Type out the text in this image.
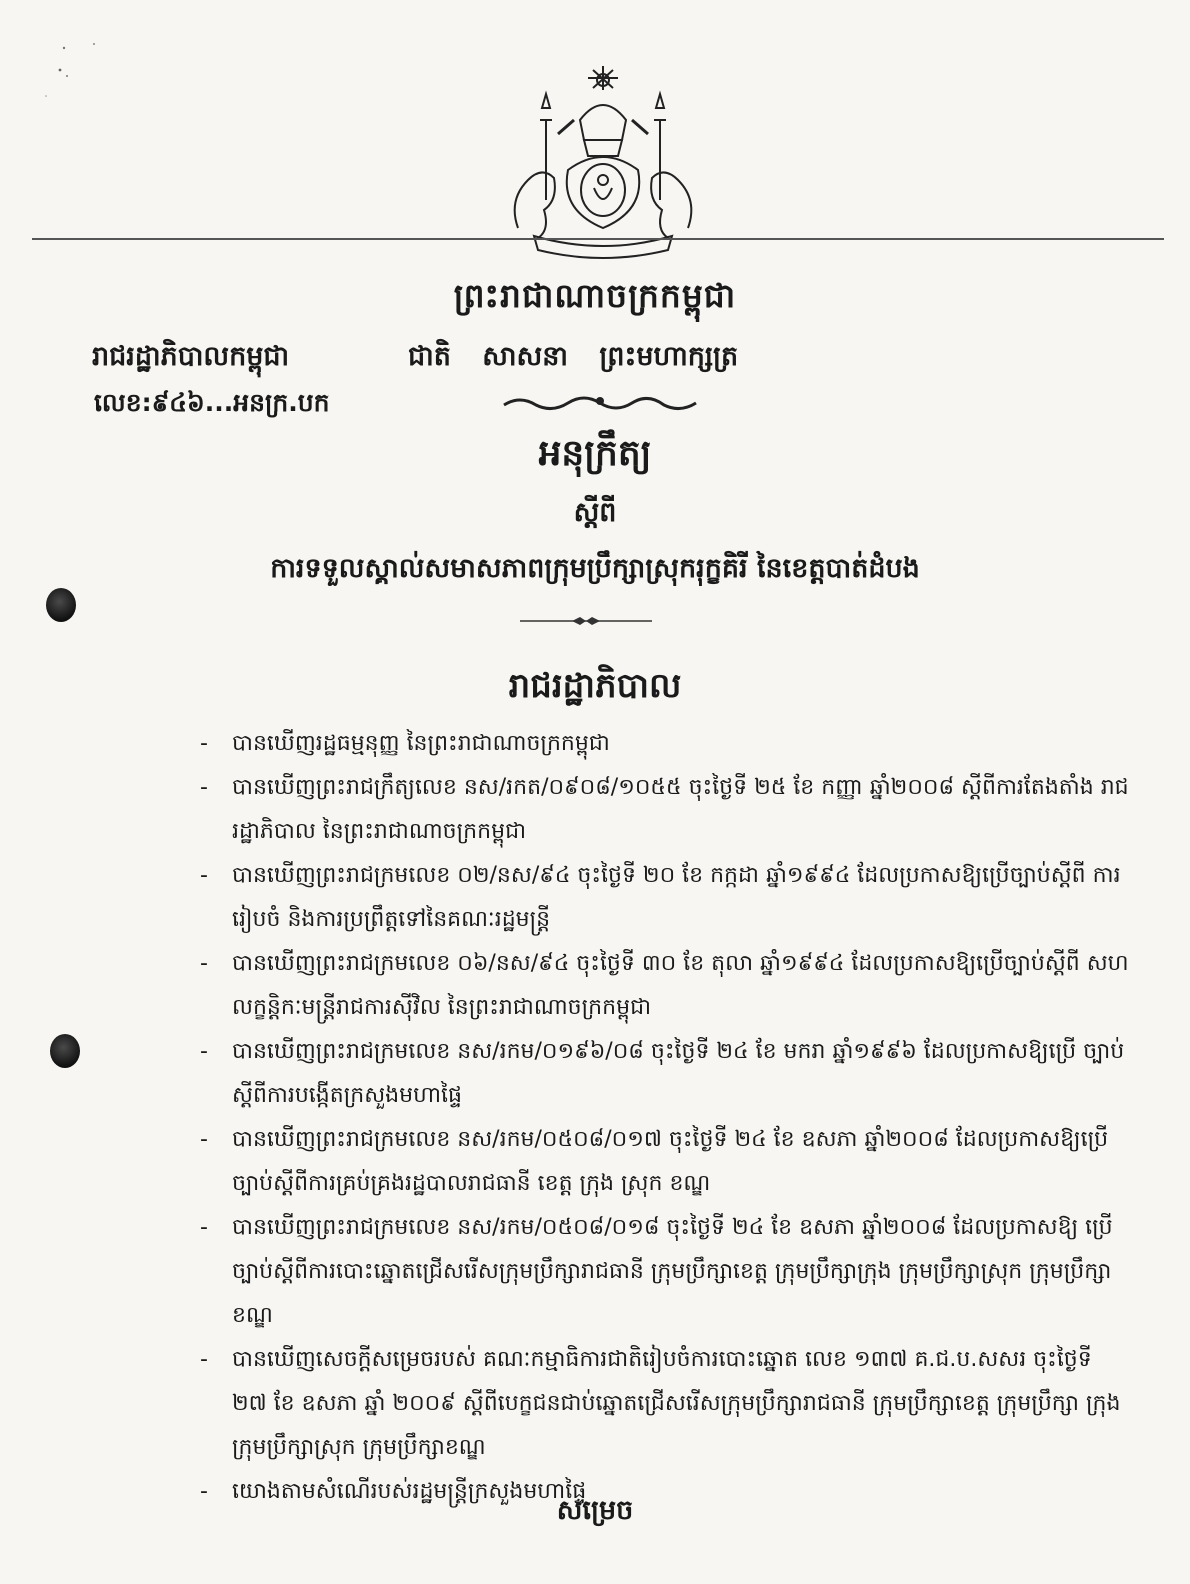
ព្រះរាជាណាចក្រកម្ពុជា
រាជរដ្ឋាភិបាលកម្ពុជា	ជាតិ សាសនា ព្រះមហាក្សត្រ
លេខ:៩៤៦...អនក្រ.បក
អនុក្រឹត្យ
ស្តីពី
ការទទួលស្គាល់សមាសភាពក្រុមប្រឹក្សាស្រុករុក្ខគិរី នៃខេត្តបាត់ដំបង
រាជរដ្ឋាភិបាល
- បានឃើញរដ្ឋធម្មនុញ្ញ នៃព្រះរាជាណាចក្រកម្ពុជា
- បានឃើញព្រះរាជក្រឹត្យលេខ នស/រកត/០៩០៨/១០៥៥ ចុះថ្ងៃទី ២៥ ខែ កញ្ញា ឆ្នាំ២០០៨ ស្តីពីការតែងតាំង រាជរដ្ឋាភិបាល នៃព្រះរាជាណាចក្រកម្ពុជា
- បានឃើញព្រះរាជក្រមលេខ ០២/នស/៩៤ ចុះថ្ងៃទី ២០ ខែ កក្កដា ឆ្នាំ១៩៩៤ ដែលប្រកាសឱ្យប្រើច្បាប់ស្តីពី ការរៀបចំ និងការប្រព្រឹត្តទៅនៃគណៈរដ្ឋមន្ត្រី
- បានឃើញព្រះរាជក្រមលេខ ០៦/នស/៩៤ ចុះថ្ងៃទី ៣០ ខែ តុលា ឆ្នាំ១៩៩៤ ដែលប្រកាសឱ្យប្រើច្បាប់ស្តីពី សហលក្ខន្តិកៈមន្ត្រីរាជការស៊ីវិល នៃព្រះរាជាណាចក្រកម្ពុជា
- បានឃើញព្រះរាជក្រមលេខ នស/រកម/០១៩៦/០៨ ចុះថ្ងៃទី ២៤ ខែ មករា ឆ្នាំ១៩៩៦ ដែលប្រកាសឱ្យប្រើ ច្បាប់ស្តីពីការបង្កើតក្រសួងមហាផ្ទៃ
- បានឃើញព្រះរាជក្រមលេខ នស/រកម/០៥០៨/០១៧ ចុះថ្ងៃទី ២៤ ខែ ឧសភា ឆ្នាំ២០០៨ ដែលប្រកាសឱ្យប្រើ ច្បាប់ស្តីពីការគ្រប់គ្រងរដ្ឋបាលរាជធានី ខេត្ត ក្រុង ស្រុក ខណ្ឌ
- បានឃើញព្រះរាជក្រមលេខ នស/រកម/០៥០៨/០១៨ ចុះថ្ងៃទី ២៤ ខែ ឧសភា ឆ្នាំ២០០៨ ដែលប្រកាសឱ្យ ប្រើច្បាប់ស្តីពីការបោះឆ្នោតជ្រើសរើសក្រុមប្រឹក្សារាជធានី ក្រុមប្រឹក្សាខេត្ត ក្រុមប្រឹក្សាក្រុង ក្រុមប្រឹក្សាស្រុក ក្រុមប្រឹក្សាខណ្ឌ
- បានឃើញសេចក្តីសម្រេចរបស់ គណៈកម្មាធិការជាតិរៀបចំការបោះឆ្នោត លេខ ១៣៧ គ.ជ.ប.សសរ ចុះថ្ងៃទី ២៧ ខែ ឧសភា ឆ្នាំ ២០០៩ ស្តីពីបេក្ខជនជាប់ឆ្នោតជ្រើសរើសក្រុមប្រឹក្សារាជធានី ក្រុមប្រឹក្សាខេត្ត ក្រុមប្រឹក្សា ក្រុង ក្រុមប្រឹក្សាស្រុក ក្រុមប្រឹក្សាខណ្ឌ
- យោងតាមសំណើរបស់រដ្ឋមន្ត្រីក្រសួងមហាផ្ទៃ
សម្រេច
